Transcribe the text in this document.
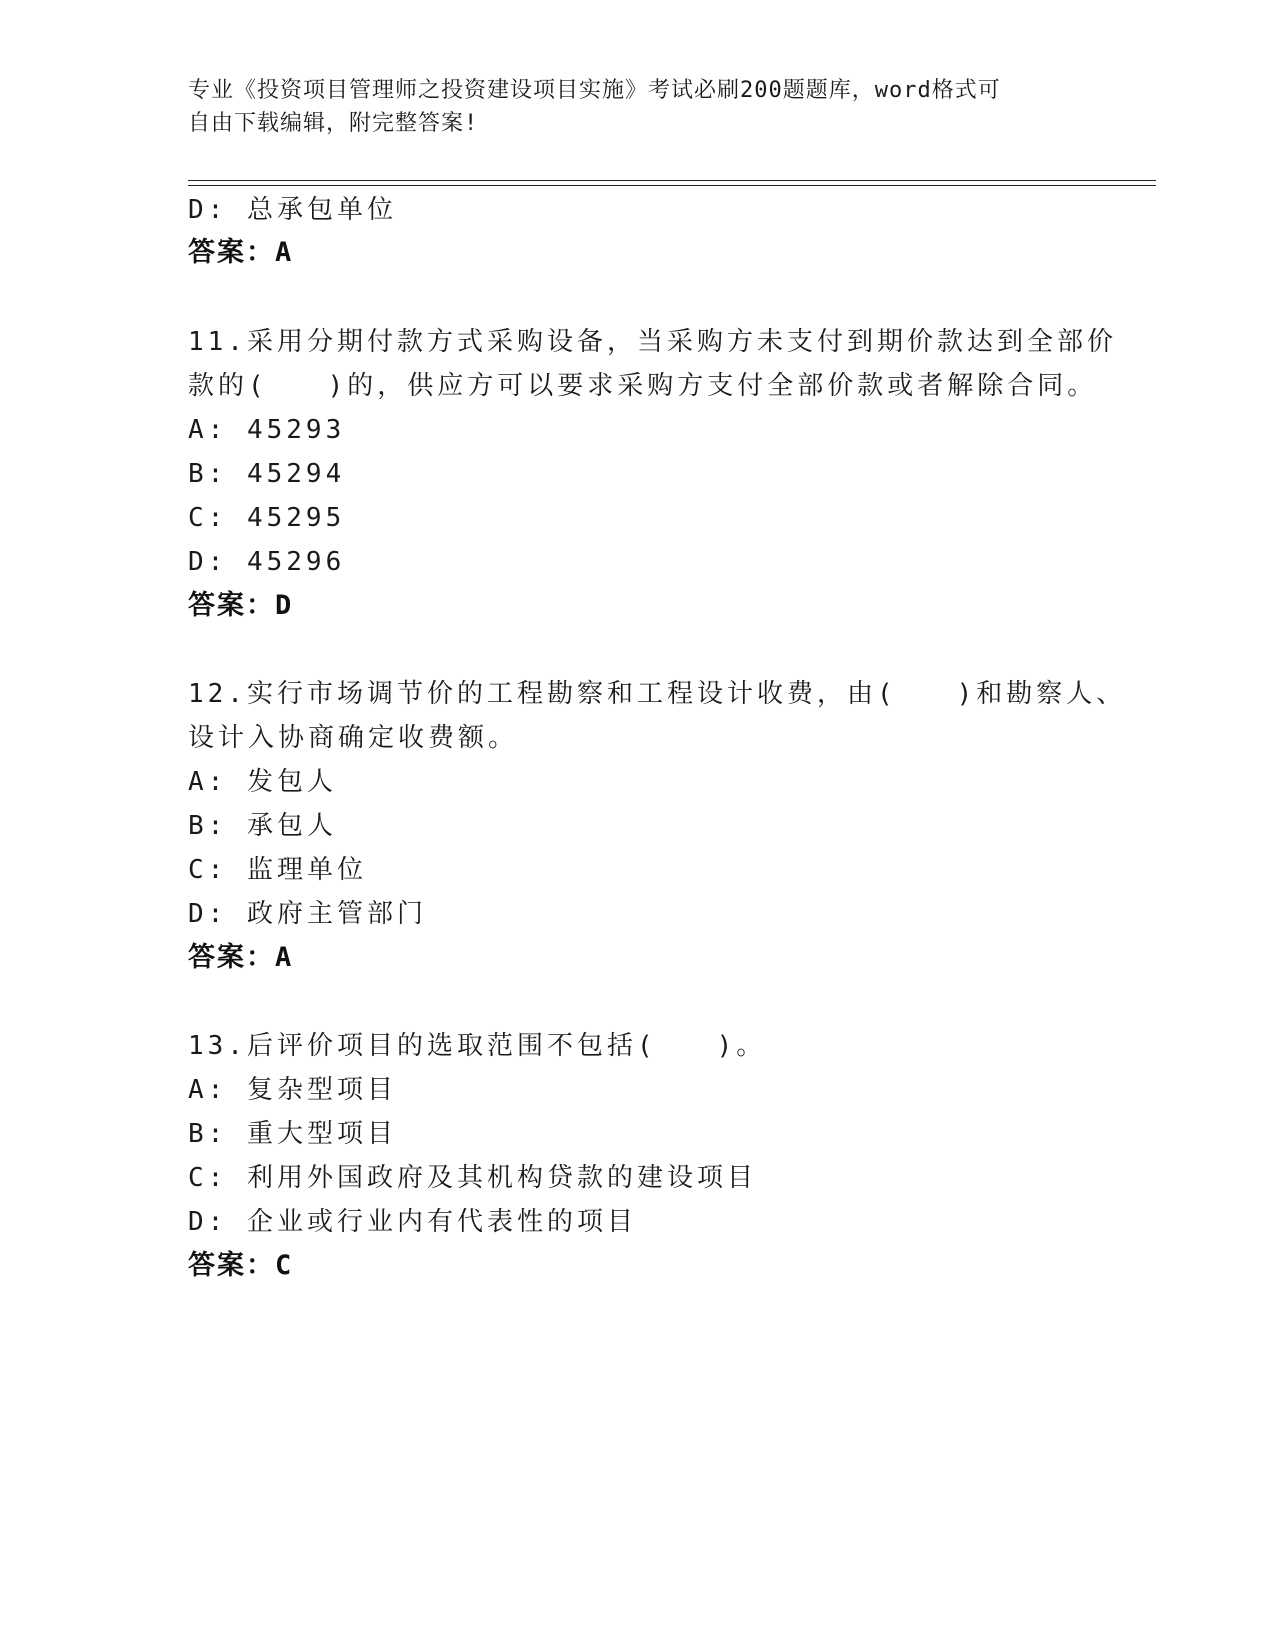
专业《投资项目管理师之投资建设项目实施》考试必刷200题题库，word格式可
自由下载编辑，附完整答案!
D: 总承包单位
答案：A
11.采用分期付款方式采购设备，当采购方未支付到期价款达到全部价
款的(　　)的，供应方可以要求采购方支付全部价款或者解除合同。
A: 45293
B: 45294
C: 45295
D: 45296
答案：D
12.实行市场调节价的工程勘察和工程设计收费，由(　　)和勘察人、
设计入协商确定收费额。
A: 发包人
B: 承包人
C: 监理单位
D: 政府主管部门
答案：A
13.后评价项目的选取范围不包括(　　)。
A: 复杂型项目
B: 重大型项目
C: 利用外国政府及其机构贷款的建设项目
D: 企业或行业内有代表性的项目
答案：C
